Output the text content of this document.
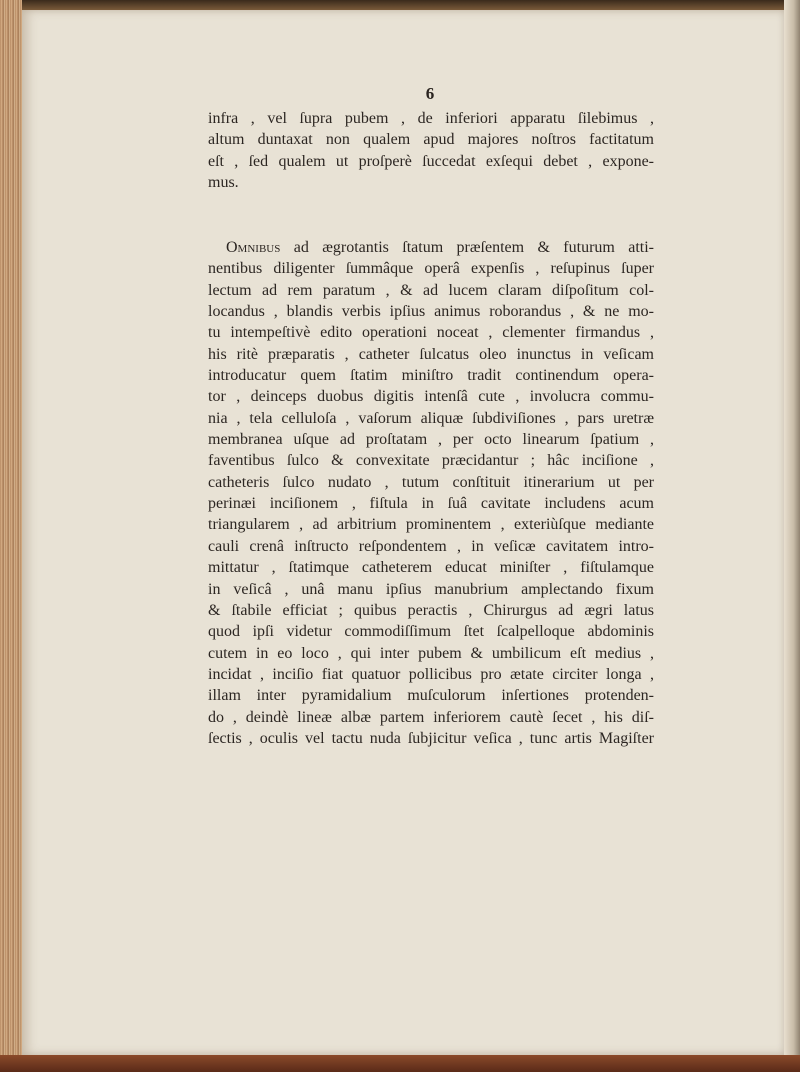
6
infra , vel ſupra pubem , de inferiori apparatu ſilebimus ,
altum duntaxat non qualem apud majores noſtros factitatum
eſt , ſed qualem ut proſperè ſuccedat exſequi debet , expone-
mus.
Omnibus ad ægrotantis ſtatum præſentem & futurum atti-
nentibus diligenter ſummâque operâ expenſis , reſupinus ſuper
lectum ad rem paratum , & ad lucem claram diſpoſitum col-
locandus , blandis verbis ipſius animus roborandus , & ne mo-
tu intempeſtivè edito operationi noceat , clementer firmandus ,
his ritè præparatis , catheter ſulcatus oleo inunctus in veſicam
introducatur quem ſtatim miniſtro tradit continendum opera-
tor , deinceps duobus digitis intenſâ cute , involucra commu-
nia , tela celluloſa , vaſorum aliquæ ſubdiviſiones , pars uretræ
membranea uſque ad proſtatam , per octo linearum ſpatium ,
faventibus ſulco & convexitate præcidantur ; hâc inciſione ,
catheteris ſulco nudato , tutum conſtituit itinerarium ut per
perinæi inciſionem , fiſtula in ſuâ cavitate includens acum
triangularem , ad arbitrium prominentem , exteriùſque mediante
cauli crenâ inſtructo reſpondentem , in veſicæ cavitatem intro-
mittatur , ſtatimque catheterem educat miniſter , fiſtulamque
in veſicâ , unâ manu ipſius manubrium amplectando fixum
& ſtabile efficiat ; quibus peractis , Chirurgus ad ægri latus
quod ipſi videtur commodiſſimum ſtet ſcalpelloque abdominis
cutem in eo loco , qui inter pubem & umbilicum eſt medius ,
incidat , inciſio fiat quatuor pollicibus pro ætate circiter longa ,
illam inter pyramidalium muſculorum inſertiones protenden-
do , deindè lineæ albæ partem inferiorem cautè ſecet , his diſ-
ſectis , oculis vel tactu nuda ſubjicitur veſica , tunc artis Magiſter
